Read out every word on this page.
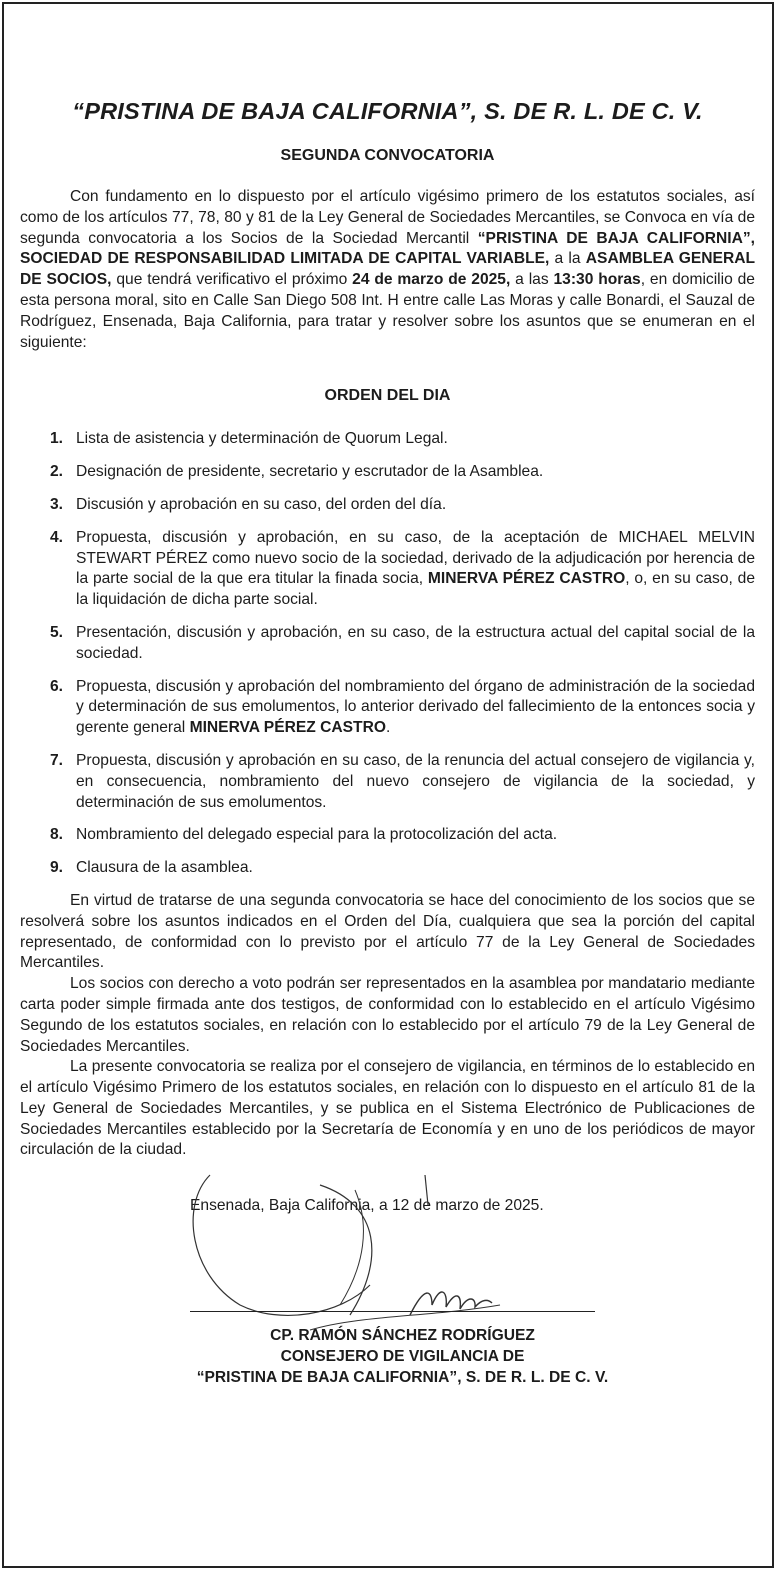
“PRISTINA DE BAJA CALIFORNIA”, S. DE R. L. DE C. V.
SEGUNDA CONVOCATORIA

Con fundamento en lo dispuesto por el artículo vigésimo primero de los estatutos sociales, así como de los artículos 77, 78, 80 y 81 de la Ley General de Sociedades Mercantiles, se Convoca en vía de segunda convocatoria a los Socios de la Sociedad Mercantil “PRISTINA DE BAJA CALIFORNIA”, SOCIEDAD DE RESPONSABILIDAD LIMITADA DE CAPITAL VARIABLE, a la ASAMBLEA GENERAL DE SOCIOS, que tendrá verificativo el próximo 24 de marzo de 2025, a las 13:30 horas, en domicilio de esta persona moral, sito en Calle San Diego 508 Int. H entre calle Las Moras y calle Bonardi, el Sauzal de Rodríguez, Ensenada, Baja California, para tratar y resolver sobre los asuntos que se enumeran en el siguiente:

ORDEN DEL DIA
1. Lista de asistencia y determinación de Quorum Legal.
2. Designación de presidente, secretario y escrutador de la Asamblea.
3. Discusión y aprobación en su caso, del orden del día.
4. Propuesta, discusión y aprobación, en su caso, de la aceptación de MICHAEL MELVIN STEWART PÉREZ como nuevo socio de la sociedad, derivado de la adjudicación por herencia de la parte social de la que era titular la finada socia, MINERVA PÉREZ CASTRO, o, en su caso, de la liquidación de dicha parte social.
5. Presentación, discusión y aprobación, en su caso, de la estructura actual del capital social de la sociedad.
6. Propuesta, discusión y aprobación del nombramiento del órgano de administración de la sociedad y determinación de sus emolumentos, lo anterior derivado del fallecimiento de la entonces socia y gerente general MINERVA PÉREZ CASTRO.
7. Propuesta, discusión y aprobación en su caso, de la renuncia del actual consejero de vigilancia y, en consecuencia, nombramiento del nuevo consejero de vigilancia de la sociedad, y determinación de sus emolumentos.
8. Nombramiento del delegado especial para la protocolización del acta.
9. Clausura de la asamblea.

En virtud de tratarse de una segunda convocatoria se hace del conocimiento de los socios que se resolverá sobre los asuntos indicados en el Orden del Día, cualquiera que sea la porción del capital representado, de conformidad con lo previsto por el artículo 77 de la Ley General de Sociedades Mercantiles.

Los socios con derecho a voto podrán ser representados en la asamblea por mandatario mediante carta poder simple firmada ante dos testigos, de conformidad con lo establecido en el artículo Vigésimo Segundo de los estatutos sociales, en relación con lo establecido por el artículo 79 de la Ley General de Sociedades Mercantiles.

La presente convocatoria se realiza por el consejero de vigilancia, en términos de lo establecido en el artículo Vigésimo Primero de los estatutos sociales, en relación con lo dispuesto en el artículo 81 de la Ley General de Sociedades Mercantiles, y se publica en el Sistema Electrónico de Publicaciones de Sociedades Mercantiles establecido por la Secretaría de Economía y en uno de los periódicos de mayor circulación de la ciudad.

Ensenada, Baja California, a 12 de marzo de 2025.
CP. RAMÓN SÁNCHEZ RODRÍGUEZ
CONSEJERO DE VIGILANCIA DE
“PRISTINA DE BAJA CALIFORNIA”, S. DE R. L. DE C. V.
